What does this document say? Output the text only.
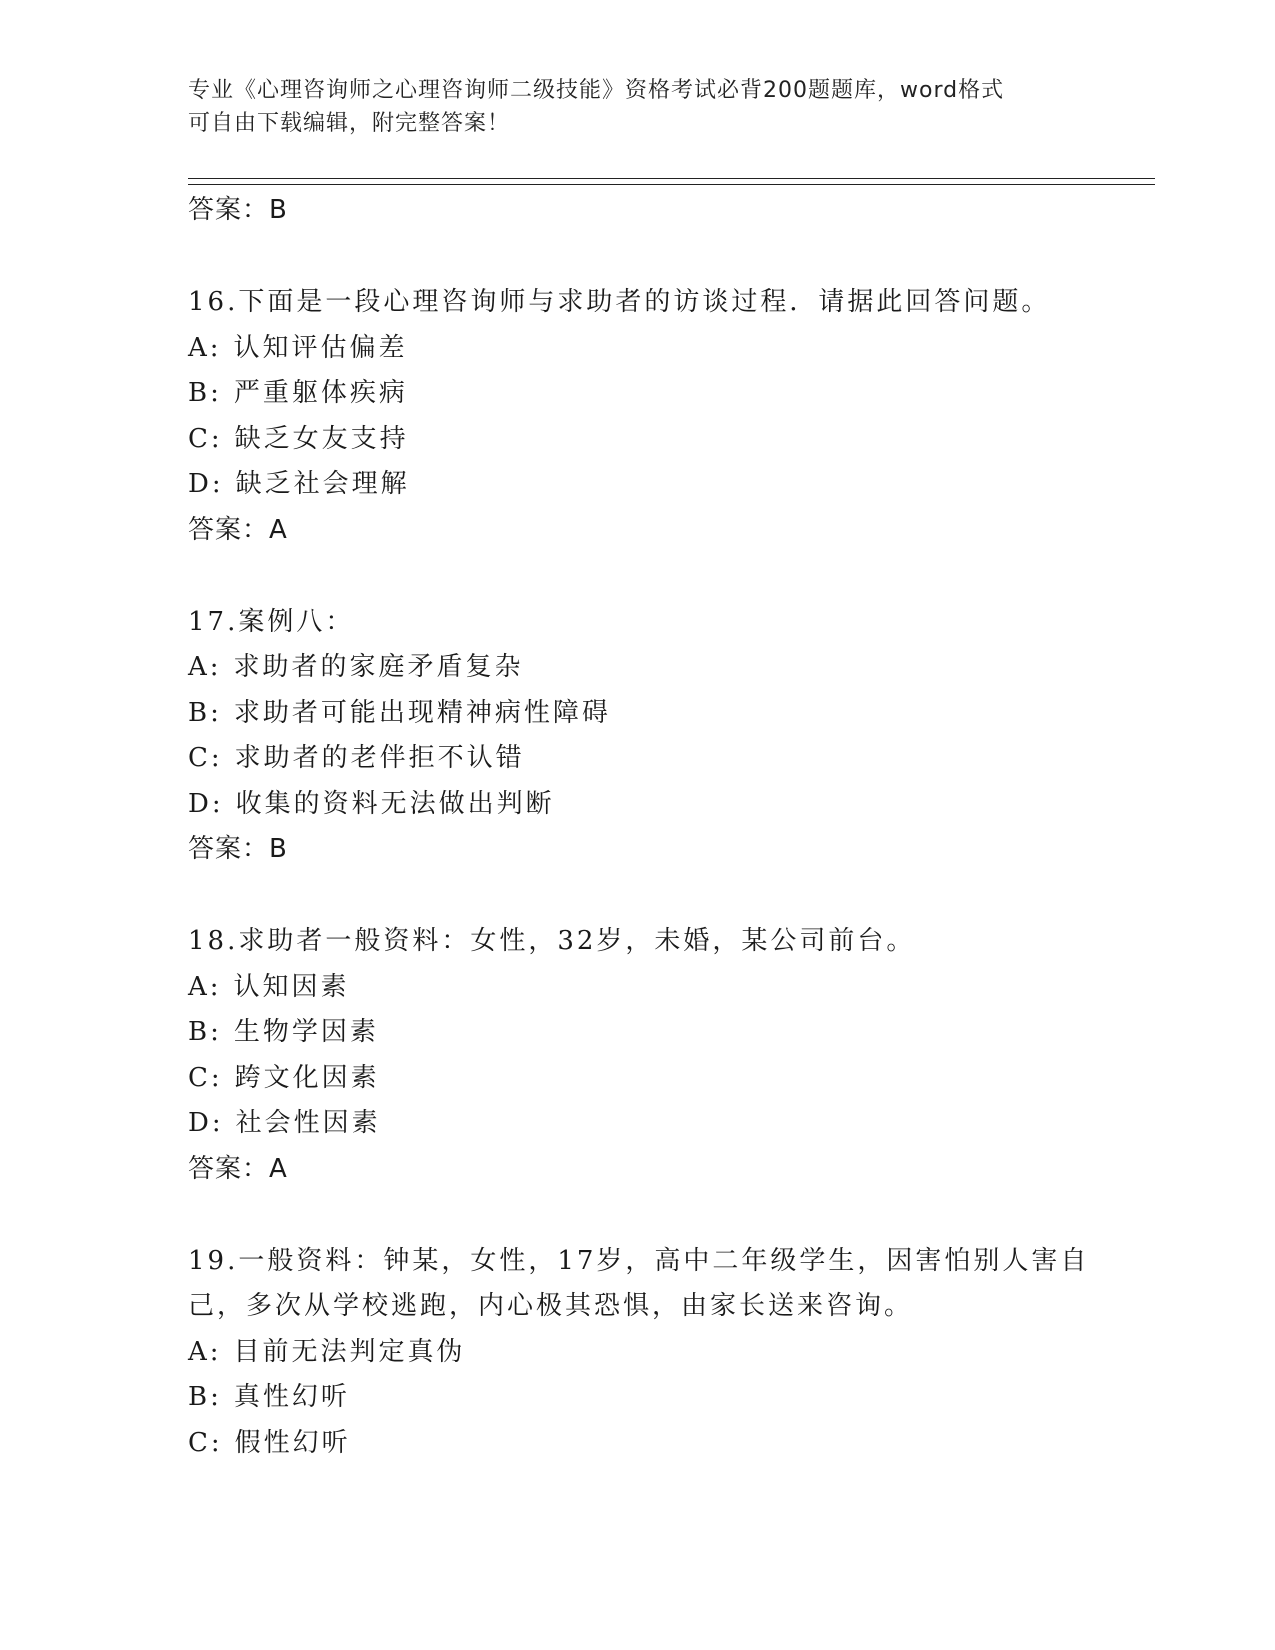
专业《心理咨询师之心理咨询师二级技能》资格考试必背200题题库，word格式
可自由下载编辑，附完整答案！
答案：B
16.下面是一段心理咨询师与求助者的访谈过程．请据此回答问题。
A: 认知评估偏差
B: 严重躯体疾病
C: 缺乏女友支持
D: 缺乏社会理解
答案：A
17.案例八：
A: 求助者的家庭矛盾复杂
B: 求助者可能出现精神病性障碍
C: 求助者的老伴拒不认错
D: 收集的资料无法做出判断
答案：B
18.求助者一般资料：女性，32岁，未婚，某公司前台。
A: 认知因素
B: 生物学因素
C: 跨文化因素
D: 社会性因素
答案：A
19.一般资料：钟某，女性，17岁，高中二年级学生，因害怕别人害自
己，多次从学校逃跑，内心极其恐惧，由家长送来咨询。
A: 目前无法判定真伪
B: 真性幻听
C: 假性幻听
